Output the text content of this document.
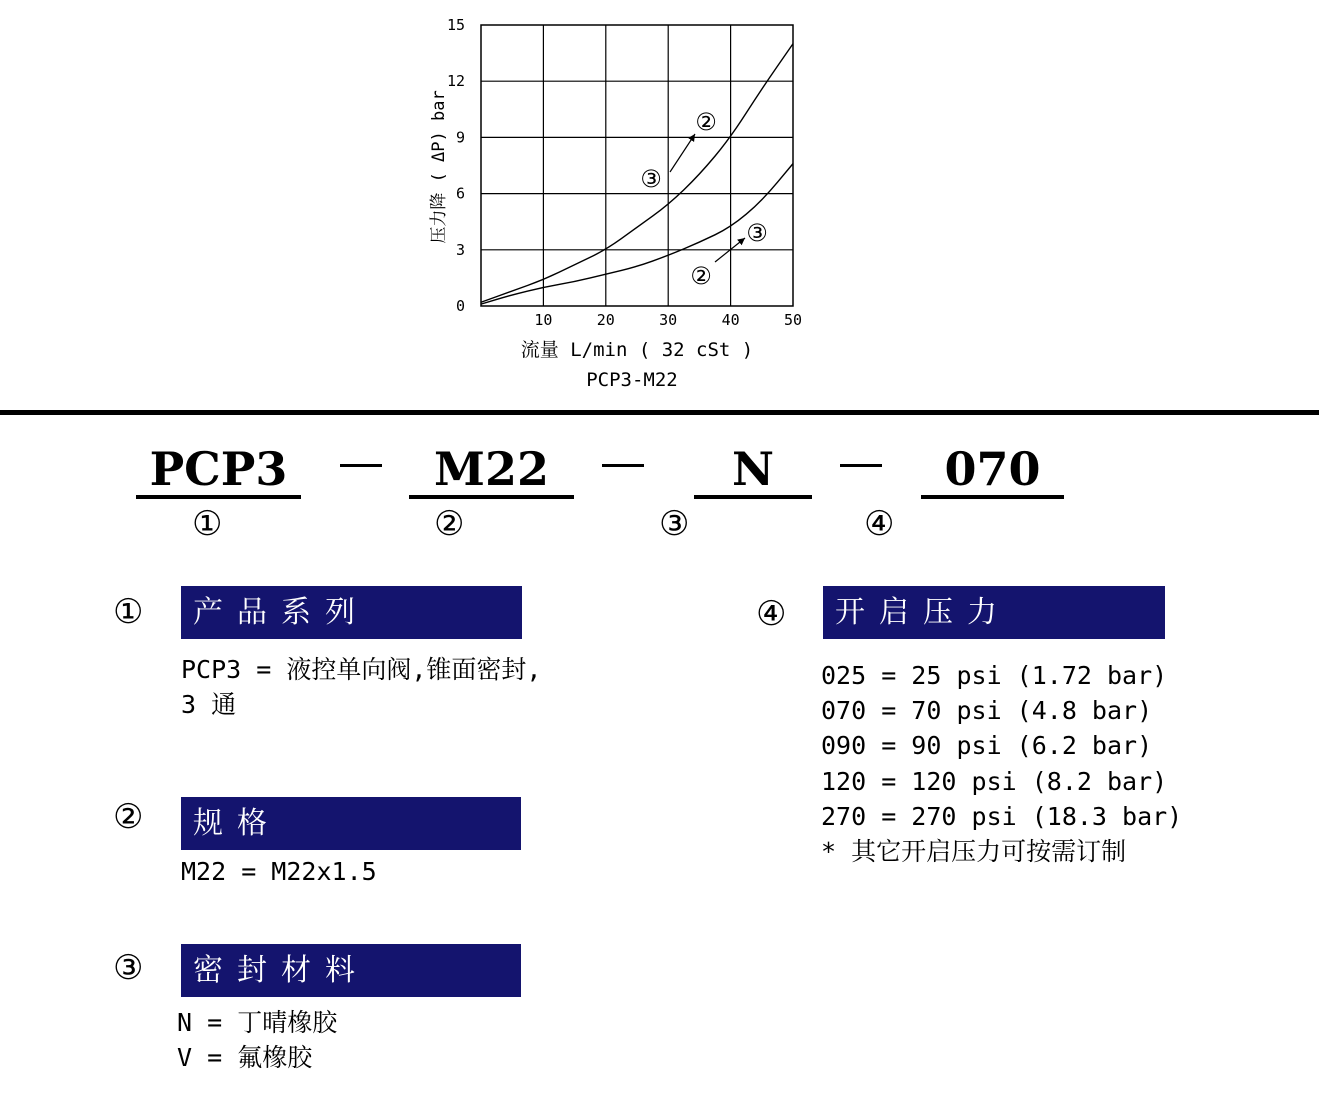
10	20	30	40	50
0
3
6
9
12
15
②
③
③
②
流量 L/min ( 32 cSt )
PCP3-M22
压力降 ( ΔP) bar
PCP3	M22	N	070
①	②	③	④
①	产品系列
PCP3 = 液控单向阀,锥面密封,
3 通
②	规格
M22 = M22x1.5
③	密封材料
N = 丁晴橡胶
V = 氟橡胶
④	开启压力
025 = 25 psi (1.72 bar)
070 = 70 psi (4.8 bar)
090 = 90 psi (6.2 bar)
120 = 120 psi (8.2 bar)
270 = 270 psi (18.3 bar)
* 其它开启压力可按需订制
